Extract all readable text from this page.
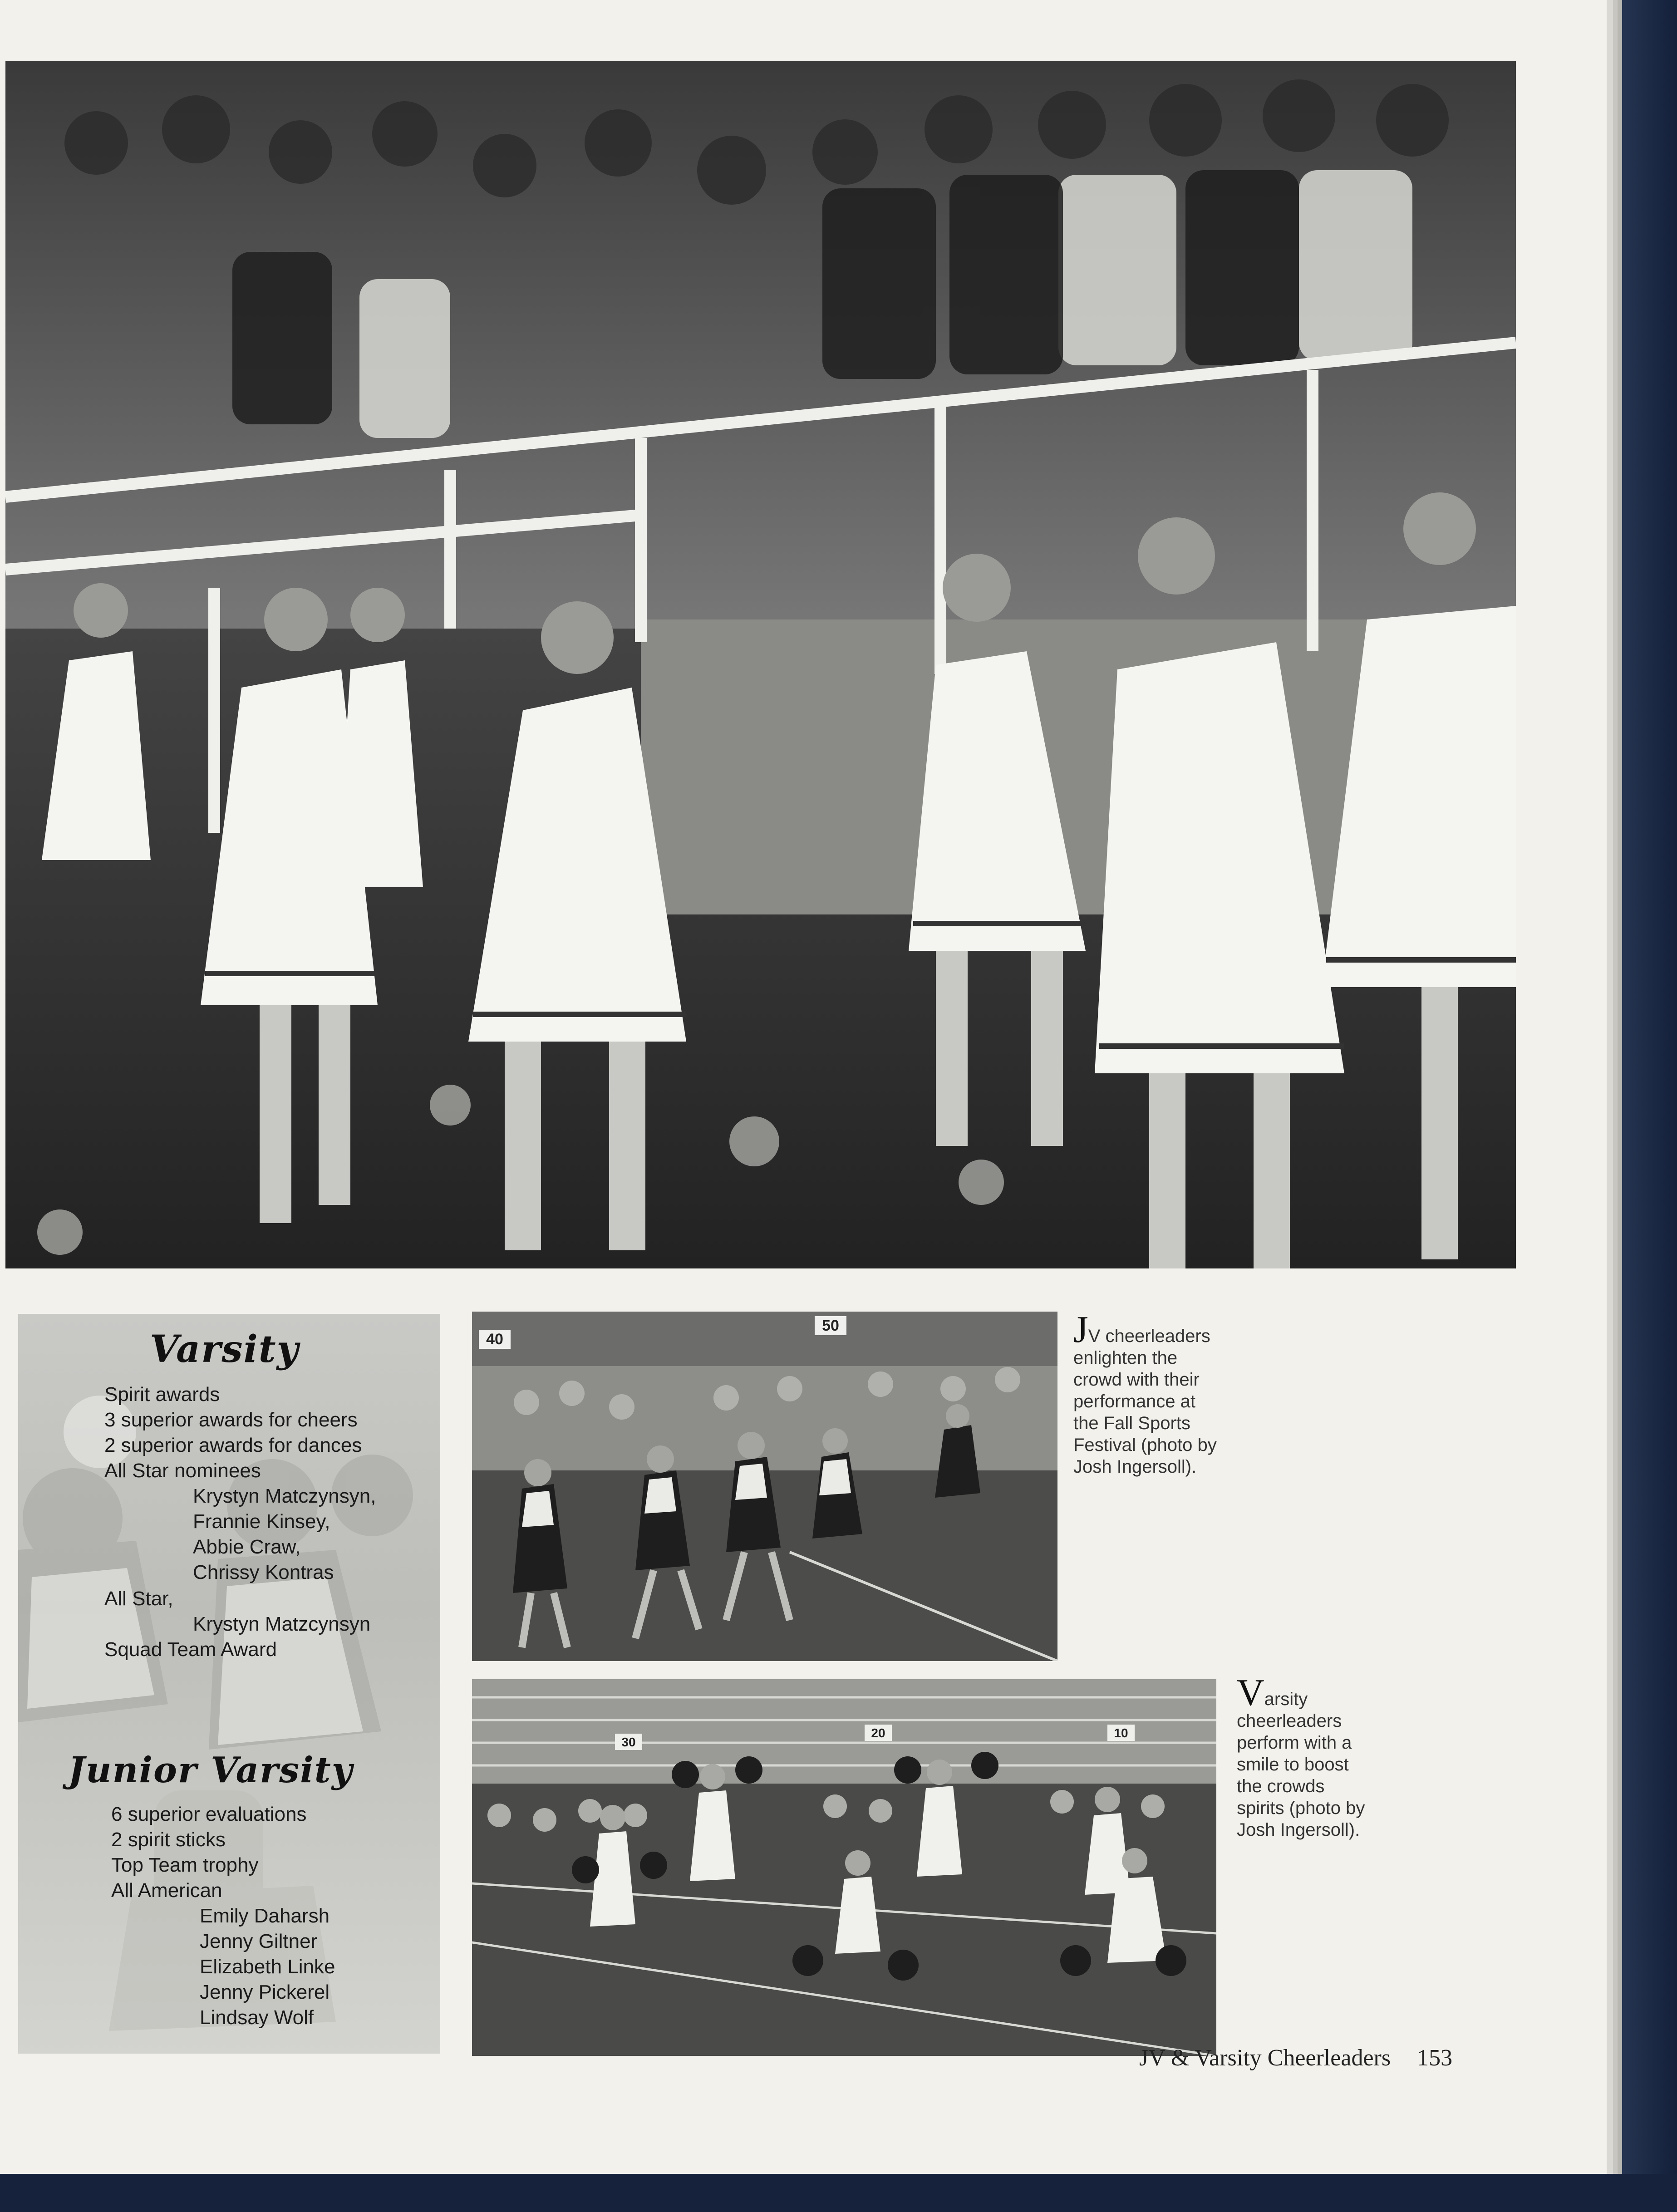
Varsity
Spirit awards
3 superior awards for cheers
2 superior awards for dances
All Star nominees
Krystyn Matczynsyn,
Frannie Kinsey,
Abbie Craw,
Chrissy Kontras
All Star,
Krystyn Matzcynsyn
Squad Team Award
Junior Varsity
6 superior evaluations
2 spirit sticks
Top Team trophy
All American
Emily Daharsh
Jenny Giltner
Elizabeth Linke
Jenny Pickerel
Lindsay Wolf
40
50	JV cheerleaders enlighten the crowd with their performance at the Fall Sports Festival (photo by Josh Ingersoll).
30
20	10
Varsity cheerleaders perform with a smile to boost the crowds spirits (photo by Josh Ingersoll).
JV & Varsity Cheerleaders 153
